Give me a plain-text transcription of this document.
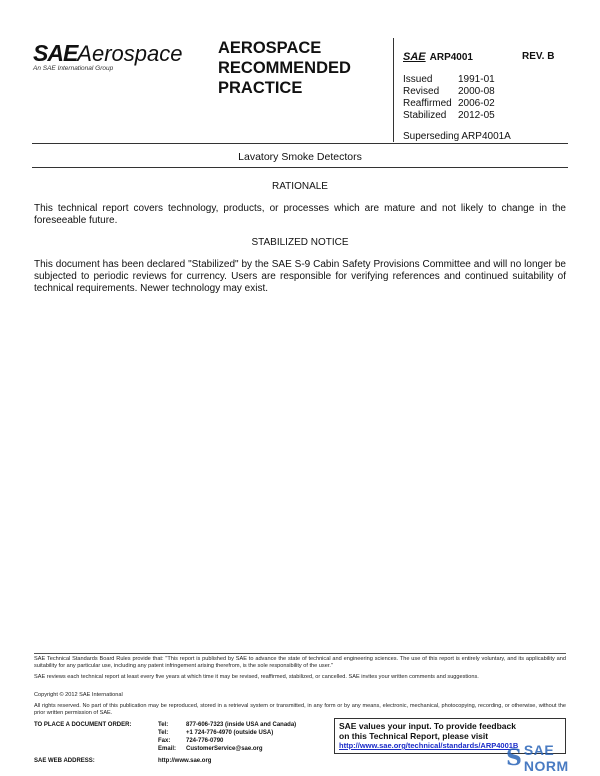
SAEAerospace
An SAE International Group
AEROSPACE
RECOMMENDED
PRACTICE
SAE ARP4001	REV. B
Issued	1991-01
Revised	2000-08
Reaffirmed 2006-02
Stabilized	2012-05
Superseding ARP4001A
Lavatory Smoke Detectors
RATIONALE
This technical report covers technology, products, or processes which are mature and not likely to change in the foreseeable future.
STABILIZED NOTICE
This document has been declared "Stabilized" by the SAE S-9 Cabin Safety Provisions Committee and will no longer be subjected to periodic reviews for currency. Users are responsible for verifying references and continued suitability of technical requirements. Newer technology may exist.
SAE Technical Standards Board Rules provide that: "This report is published by SAE to advance the state of technical and engineering sciences. The use of this report is entirely voluntary, and its applicability and suitability for any particular use, including any patent infringement arising therefrom, is the sole responsibility of the user."
SAE reviews each technical report at least every five years at which time it may be revised, reaffirmed, stabilized, or cancelled. SAE invites your written comments and suggestions.
Copyright © 2012 SAE International
All rights reserved. No part of this publication may be reproduced, stored in a retrieval system or transmitted, in any form or by any means, electronic, mechanical, photocopying, recording, or otherwise, without the prior written permission of SAE.
TO PLACE A DOCUMENT ORDER:	Tel:	877-606-7323 (inside USA and Canada)
Tel:	+1 724-776-4970 (outside USA)
Fax:	724-776-0790
Email:	CustomerService@sae.org
SAE WEB ADDRESS:	http://www.sae.org
SAE values your input. To provide feedback
on this Technical Report, please visit
http://www.sae.org/technical/standards/ARP4001B
S SAE NORM
